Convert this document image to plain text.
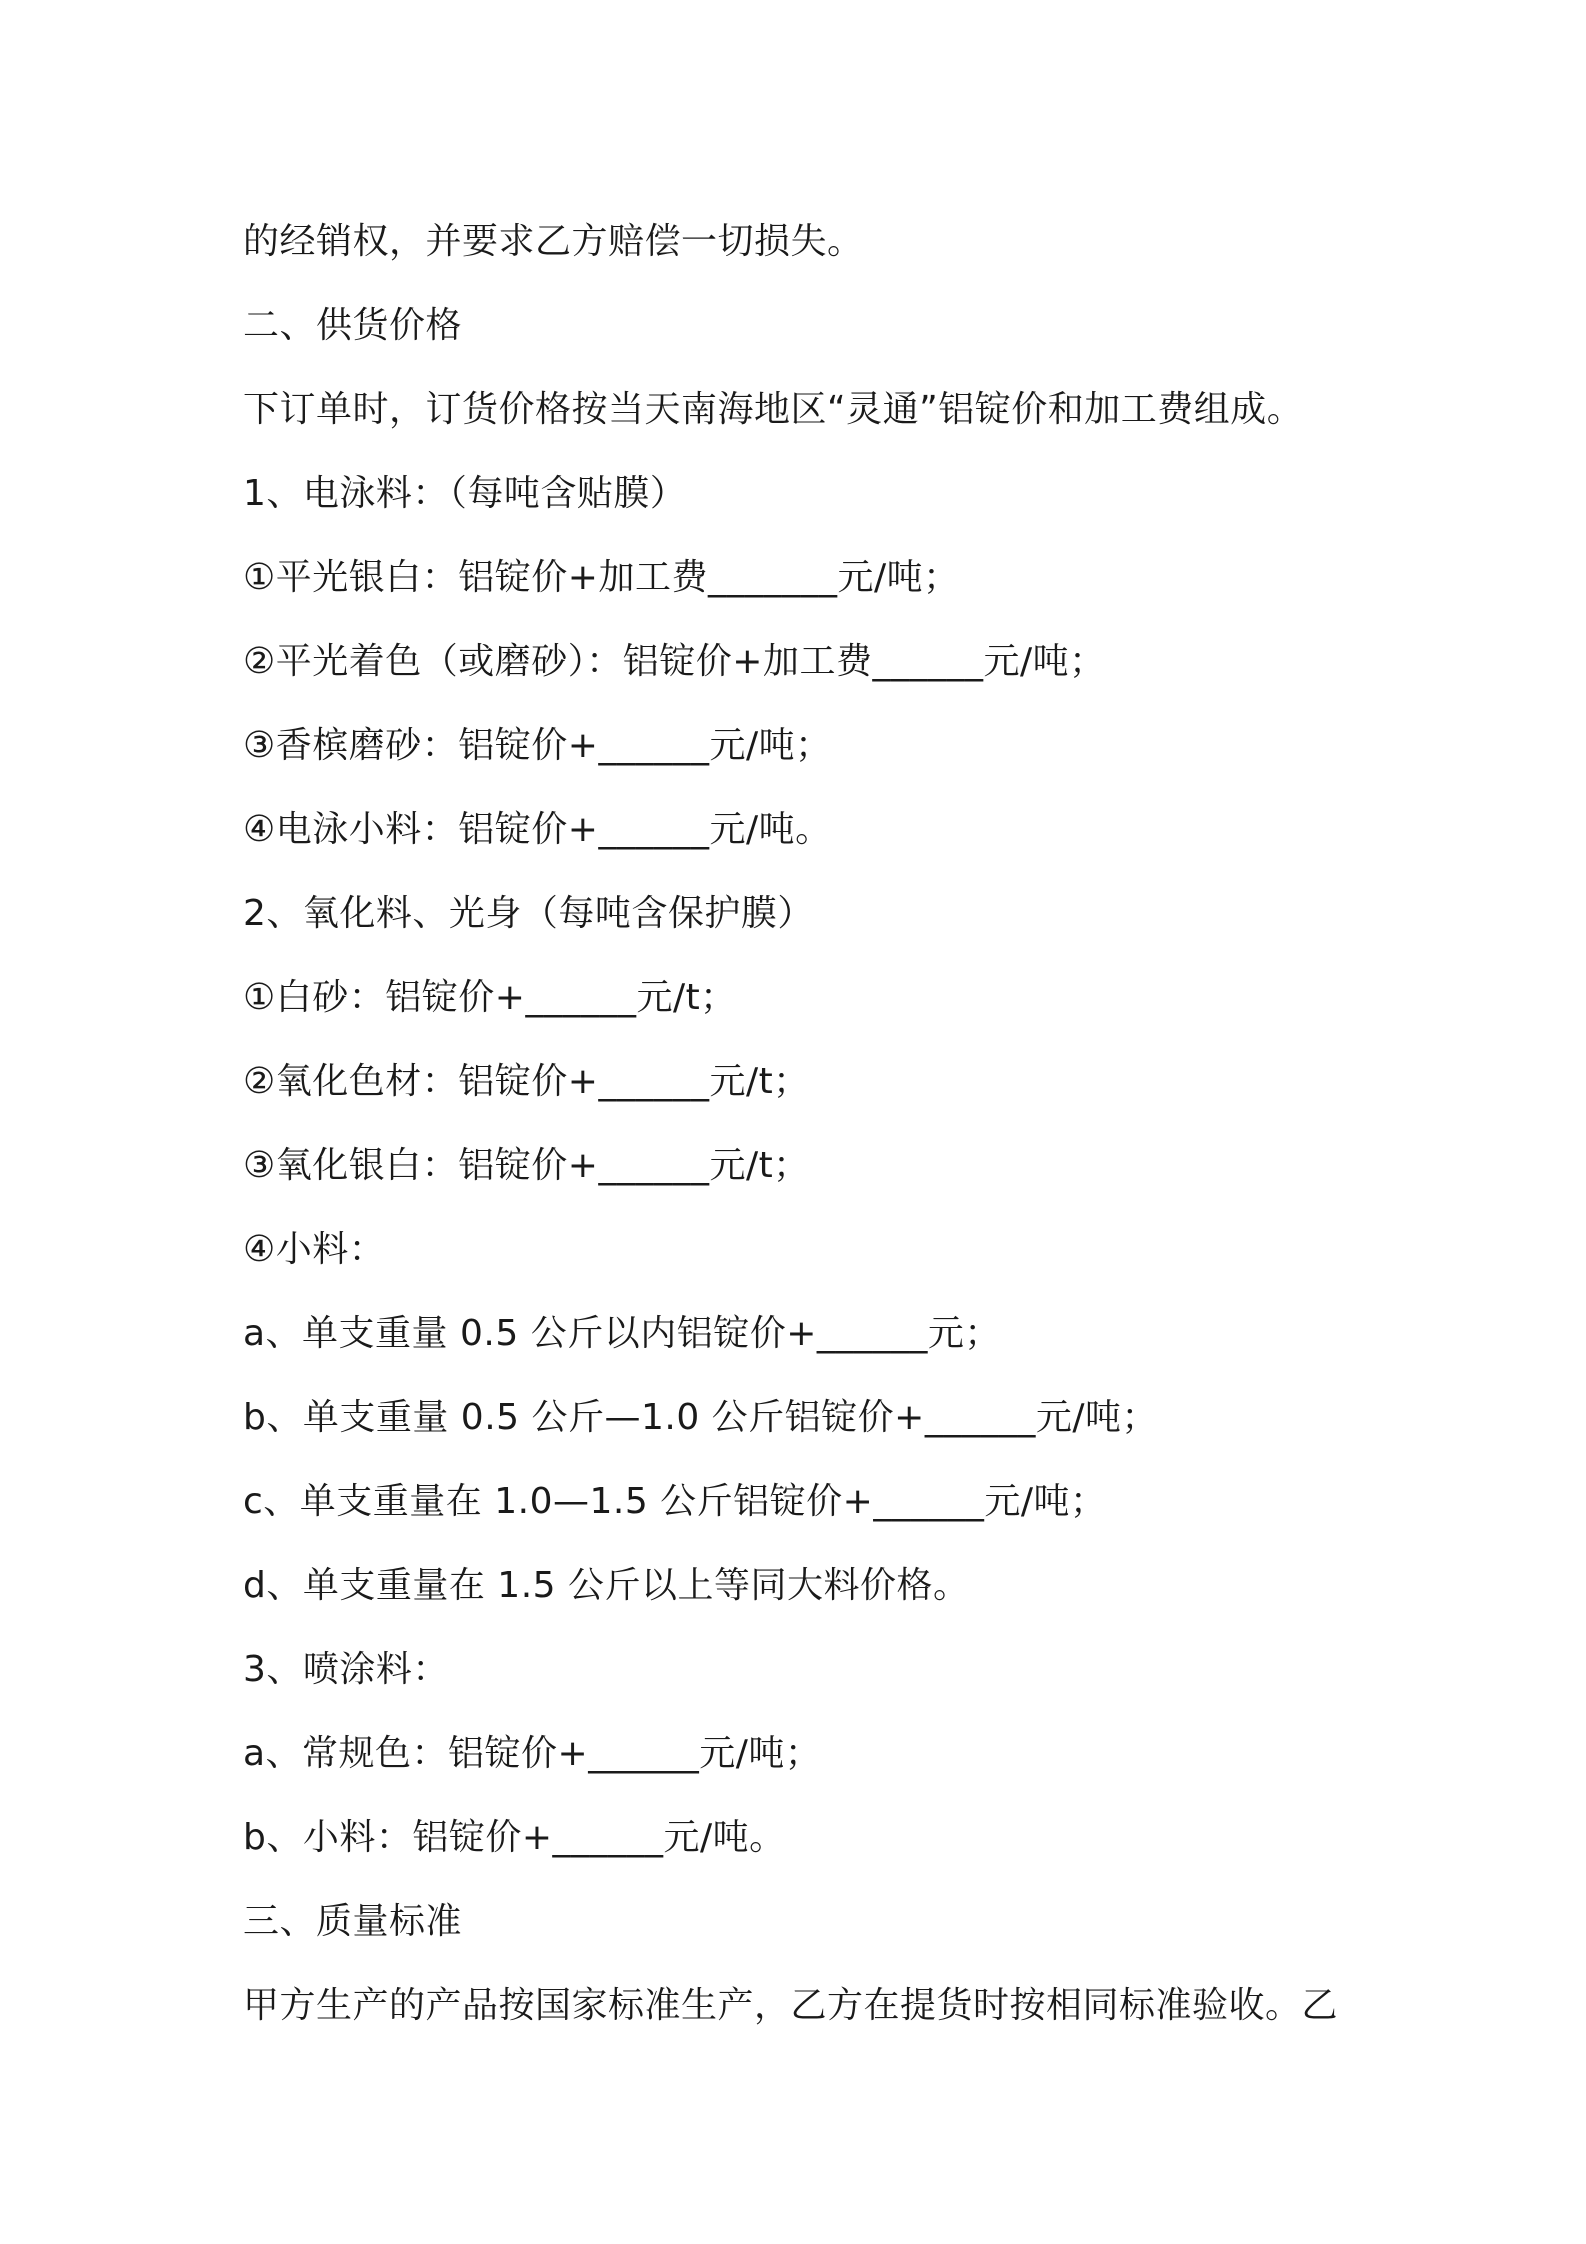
的经销权，并要求乙方赔偿一切损失。
二、供货价格
下订单时，订货价格按当天南海地区“灵通”铝锭价和加工费组成。
1、电泳料：（每吨含贴膜）
①平光银白：铝锭价+加工费_______元/吨；
②平光着色（或磨砂）：铝锭价+加工费______元/吨；
③香槟磨砂：铝锭价+______元/吨；
④电泳小料：铝锭价+______元/吨。
2、氧化料、光身（每吨含保护膜）
①白砂：铝锭价+______元/t；
②氧化色材：铝锭价+______元/t；
③氧化银白：铝锭价+______元/t；
④小料：
a、单支重量 0.5 公斤以内铝锭价+______元；
b、单支重量 0.5 公斤—1.0 公斤铝锭价+______元/吨；
c、单支重量在 1.0—1.5 公斤铝锭价+______元/吨；
d、单支重量在 1.5 公斤以上等同大料价格。
3、喷涂料：
a、常规色：铝锭价+______元/吨；
b、小料：铝锭价+______元/吨。
三、质量标准
甲方生产的产品按国家标准生产，乙方在提货时按相同标准验收。乙
